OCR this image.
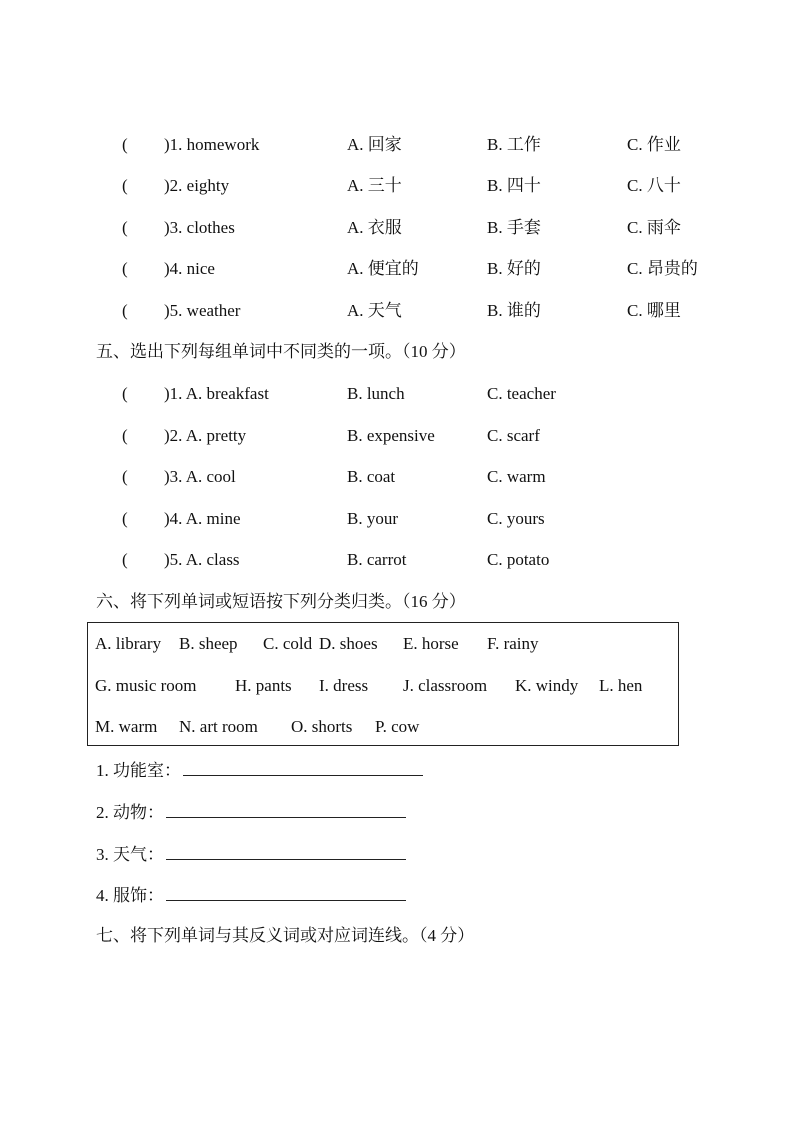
( )1. homework	A. 回家	B. 工作	C. 作业
( )2. eighty	A. 三十	B. 四十	C. 八十
( )3. clothes	A. 衣服	B. 手套	C. 雨伞
( )4. nice	A. 便宜的	B. 好的	C. 昂贵的
( )5. weather	A. 天气	B. 谁的	C. 哪里
五、选出下列每组单词中不同类的一项。（10 分）
( )1. A. breakfast	B. lunch	C. teacher
( )2. A. pretty	B. expensive	C. scarf
( )3. A. cool	B. coat	C. warm
( )4. A. mine	B. your	C. yours
( )5. A. class	B. carrot	C. potato
六、将下列单词或短语按下列分类归类。（16 分）
A. library B. sheep C. cold D. shoes E. horse F. rainy
G. music room H. pants I. dress J. classroom K. windy L. hen
M. warm N. art room O. shorts P. cow
1. 功能室：
2. 动物：
3. 天气：
4. 服饰：
七、将下列单词与其反义词或对应词连线。（4 分）
